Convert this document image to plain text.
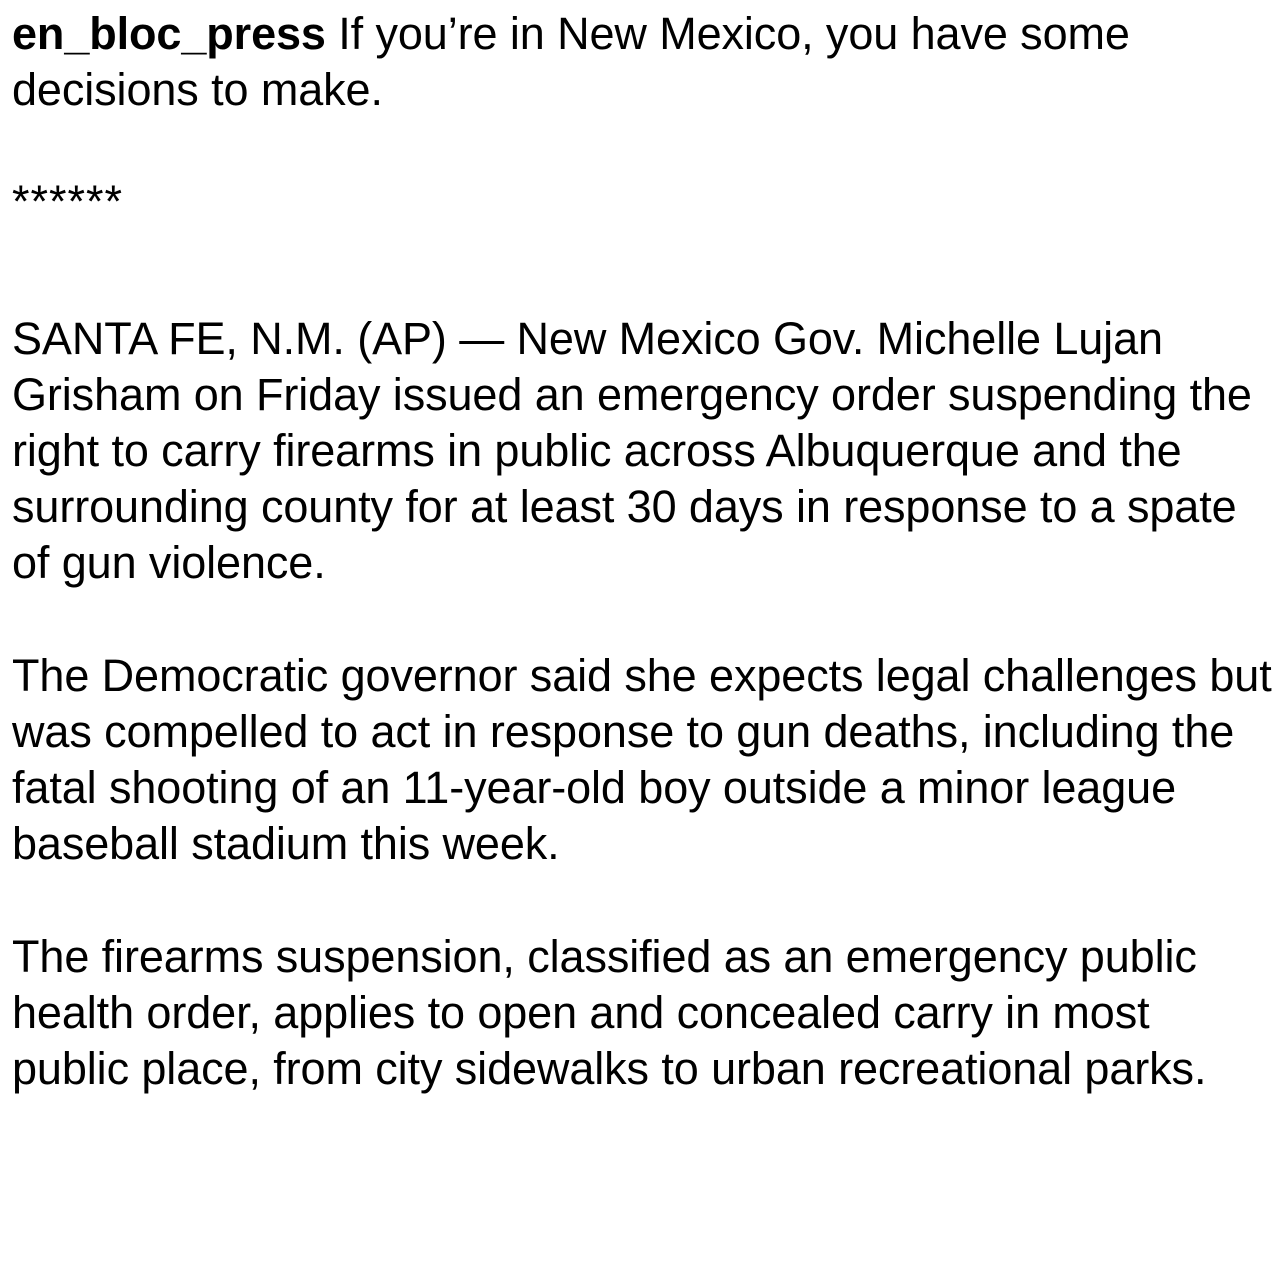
en_bloc_press If you’re in New Mexico, you have some decisions to make.

******

SANTA FE, N.M. (AP) — New Mexico Gov. Michelle Lujan Grisham on Friday issued an emergency order suspending the right to carry firearms in public across Albuquerque and the surrounding county for at least 30 days in response to a spate of gun violence.

The Democratic governor said she expects legal challenges but was compelled to act in response to gun deaths, including the fatal shooting of an 11-year-old boy outside a minor league baseball stadium this week.

The firearms suspension, classified as an emergency public health order, applies to open and concealed carry in most public place, from city sidewalks to urban recreational parks.
